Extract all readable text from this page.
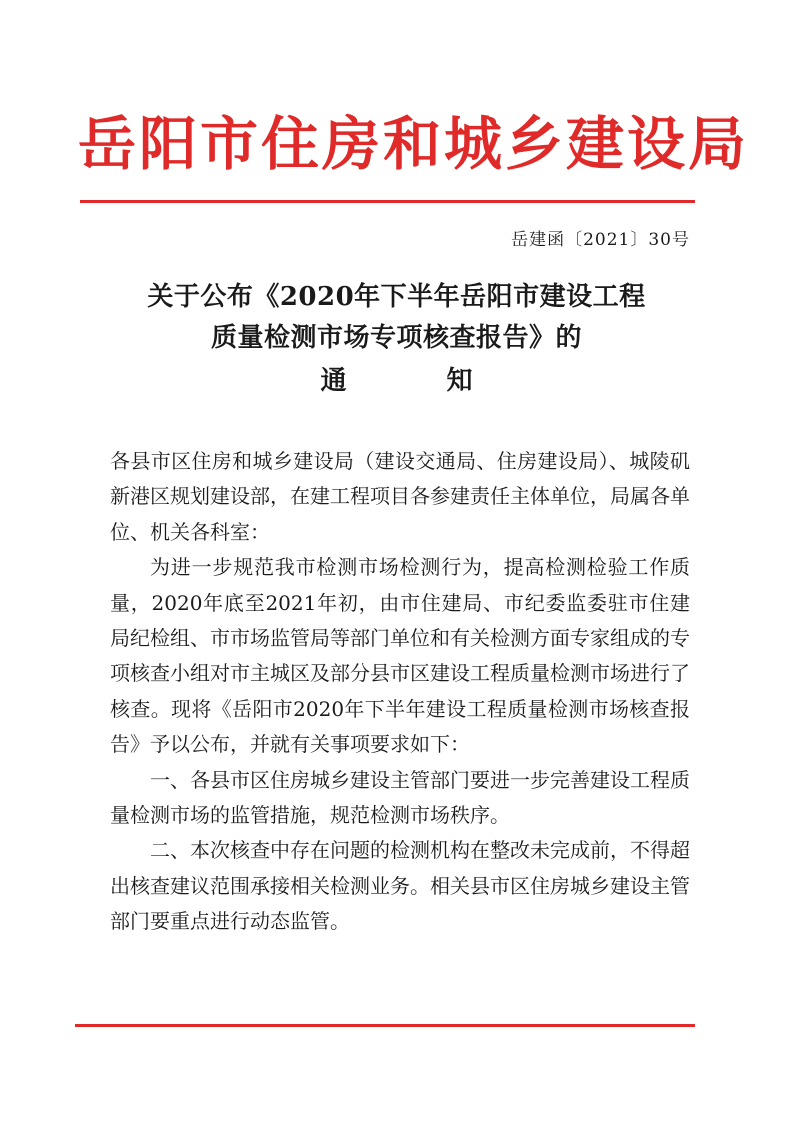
岳阳市住房和城乡建设局
岳建函〔2021〕30号
关于公布《2020年下半年岳阳市建设工程
质量检测市场专项核查报告》的
通	知

各县市区住房和城乡建设局（建设交通局、住房建设局）、城陵矶新港区规划建设部，在建工程项目各参建责任主体单位，局属各单位、机关各科室：

为进一步规范我市检测市场检测行为，提高检测检验工作质量，2020年底至2021年初，由市住建局、市纪委监委驻市住建局纪检组、市市场监管局等部门单位和有关检测方面专家组成的专项核查小组对市主城区及部分县市区建设工程质量检测市场进行了核查。现将《岳阳市2020年下半年建设工程质量检测市场核查报告》予以公布，并就有关事项要求如下：

一、各县市区住房城乡建设主管部门要进一步完善建设工程质量检测市场的监管措施，规范检测市场秩序。

二、本次核查中存在问题的检测机构在整改未完成前，不得超出核查建议范围承接相关检测业务。相关县市区住房城乡建设主管部门要重点进行动态监管。
